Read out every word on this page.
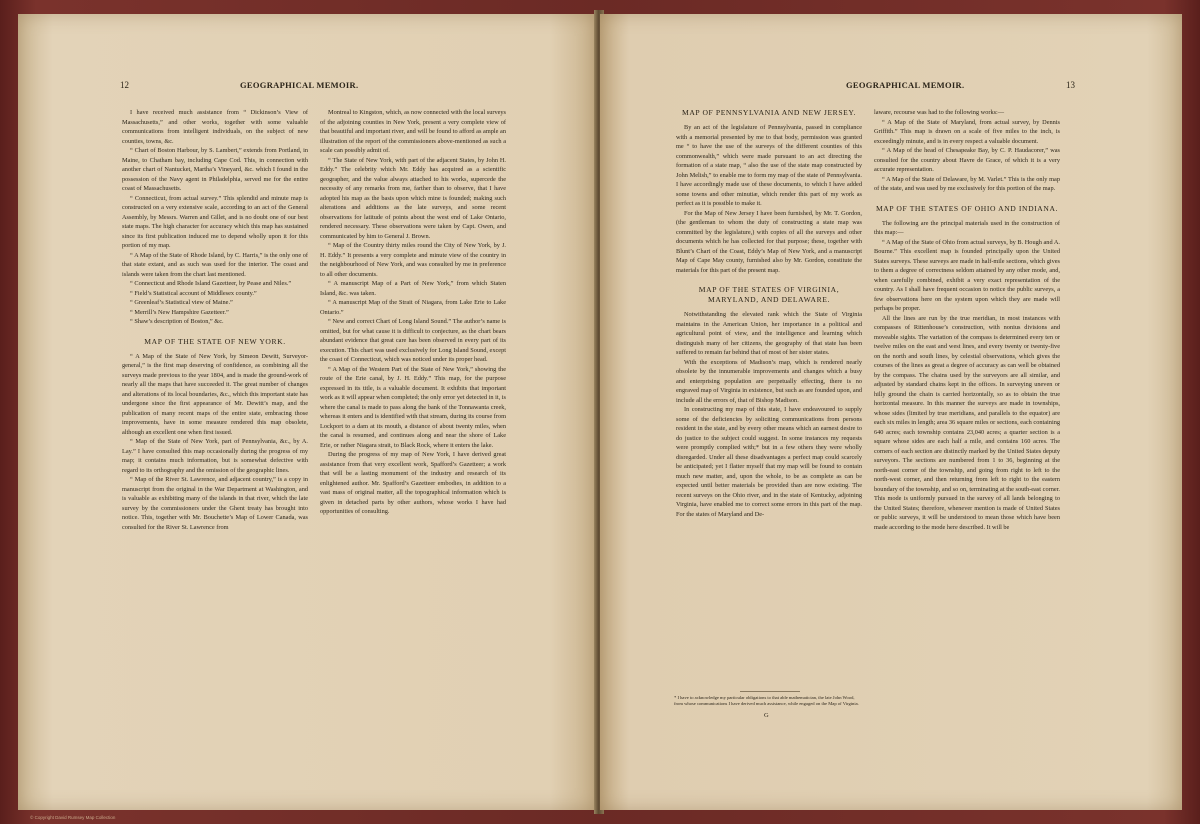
12	GEOGRAPHICAL MEMOIR.

I have received much assistance from “ Dickinson’s View of Massachusetts,” and other works, together with some valuable communications from intelligent individuals, on the subject of new counties, towns, &c.

“ Chart of Boston Harbour, by S. Lambert,” extends from Portland, in Maine, to Chatham bay, including Cape Cod. This, in connection with another chart of Nantucket, Martha’s Vineyard, &c. which I found in the possession of the Navy agent in Philadelphia, served me for the entire coast of Massachusetts.

“ Connecticut, from actual survey.” This splendid and minute map is constructed on a very extensive scale, according to an act of the General Assembly, by Messrs. Warren and Gillet, and is no doubt one of our best state maps. The high character for accuracy which this map has sustained since its first publication induced me to depend wholly upon it for this portion of my map.

“ A Map of the State of Rhode Island, by C. Harris,” is the only one of that state extant, and as such was used for the interior. The coast and islands were taken from the chart last mentioned.

“ Connecticut and Rhode Island Gazetteer, by Pease and Niles.”

“ Field’s Statistical account of Middlesex county.”

“ Greenleaf’s Statistical view of Maine.”

“ Merrill’s New Hampshire Gazetteer.”

“ Shaw’s description of Boston,” &c.

MAP OF THE STATE OF NEW YORK.

“ A Map of the State of New York, by Simeon Dewitt, Surveyor-general,” is the first map deserving of confidence, as combining all the surveys made previous to the year 1804, and is made the ground-work of nearly all the maps that have succeeded it. The great number of changes and alterations of its local boundaries, &c., which this important state has undergone since the first appearance of Mr. Dewitt’s map, and the publication of many recent maps of the entire state, embracing those improvements, have in some measure rendered this map obsolete, although an excellent one when first issued.

“ Map of the State of New York, part of Pennsylvania, &c., by A. Lay.” I have consulted this map occasionally during the progress of my map; it contains much information, but is somewhat defective with regard to its orthography and the omission of the geographic lines.

“ Map of the River St. Lawrence, and adjacent country,” is a copy in manuscript from the original in the War Department at Washington, and is valuable as exhibiting many of the islands in that river, which the late survey by the commissioners under the Ghent treaty has brought into notice. This, together with Mr. Bouchette’s Map of Lower Canada, was consulted for the River St. Lawrence from

Montreal to Kingston, which, as now connected with the local surveys of the adjoining counties in New York, present a very complete view of that beautiful and important river, and will be found to afford as ample an illustration of the report of the commissioners above-mentioned as such a scale can possibly admit of.

“ The State of New York, with part of the adjacent States, by John H. Eddy.” The celebrity which Mr. Eddy has acquired as a scientific geographer, and the value always attached to his works, supercede the necessity of any remarks from me, farther than to observe, that I have adopted his map as the basis upon which mine is founded; making such alterations and additions as the late surveys, and some recent observations for latitude of points about the west end of Lake Ontario, rendered necessary. These observations were taken by Capt. Owen, and communicated by him to General J. Brown.

“ Map of the Country thirty miles round the City of New York, by J. H. Eddy.” It presents a very complete and minute view of the country in the neighbourhood of New York, and was consulted by me in preference to all other documents.

“ A manuscript Map of a Part of New York,” from which Staten Island, &c. was taken.

“ A manuscript Map of the Strait of Niagara, from Lake Erie to Lake Ontario.”

“ New and correct Chart of Long Island Sound.” The author’s name is omitted, but for what cause it is difficult to conjecture, as the chart bears abundant evidence that great care has been observed in every part of its execution. This chart was used exclusively for Long Island Sound, except the coast of Connecticut, which was noticed under its proper head.

“ A Map of the Western Part of the State of New York,” showing the route of the Erie canal, by J. H. Eddy.” This map, for the purpose expressed in its title, is a valuable document. It exhibits that important work as it will appear when completed; the only error yet detected in it, is where the canal is made to pass along the bank of the Tonnawanta creek, whereas it enters and is identified with that stream, during its course from Lockport to a dam at its mouth, a distance of about twenty miles, when the canal is resumed, and continues along and near the shore of Lake Erie, or rather Niagara strait, to Black Rock, where it enters the lake.

During the progress of my map of New York, I have derived great assistance from that very excellent work, Spafford’s Gazetteer; a work that will be a lasting monument of the industry and research of its enlightened author. Mr. Spafford’s Gazetteer embodies, in addition to a vast mass of original matter, all the topographical information which is given in detached parts by other authors, whose works I have had opportunities of consulting.

GEOGRAPHICAL MEMOIR.	13
MAP OF PENNSYLVANIA AND NEW JERSEY.

By an act of the legislature of Pennsylvania, passed in compliance with a memorial presented by me to that body, permission was granted me “ to have the use of the surveys of the different counties of this commonwealth,” which were made pursuant to an act directing the formation of a state map, “ also the use of the state map constructed by John Melish,” to enable me to form my map of the state of Pennsylvania. I have accordingly made use of these documents, to which I have added some towns and other minutiæ, which render this part of my work as perfect as it is possible to make it.

For the Map of New Jersey I have been furnished, by Mr. T. Gordon, (the gentleman to whom the duty of constructing a state map was committed by the legislature,) with copies of all the surveys and other documents which he has collected for that purpose; these, together with Blunt’s Chart of the Coast, Eddy’s Map of New York, and a manuscript Map of Cape May county, furnished also by Mr. Gordon, constitute the materials for this part of the present map.

MAP OF THE STATES OF VIRGINIA, MARYLAND, AND DELAWARE.

Notwithstanding the elevated rank which the State of Virginia maintains in the American Union, her importance in a political and agricultural point of view, and the intelligence and learning which distinguish many of her citizens, the geography of that state has been suffered to remain far behind that of most of her sister states.

With the exceptions of Madison’s map, which is rendered nearly obsolete by the innumerable improvements and changes which a busy and enterprising population are perpetually effecting, there is no engraved map of Virginia in existence, but such as are founded upon, and include all the errors of, that of Bishop Madison.

In constructing my map of this state, I have endeavoured to supply some of the deficiencies by soliciting communications from persons resident in the state, and by every other means which an earnest desire to do justice to the subject could suggest. In some instances my requests were promptly complied with;* but in a few others they were wholly disregarded. Under all these disadvantages a perfect map could scarcely be anticipated; yet I flatter myself that my map will be found to contain much new matter, and, upon the whole, to be as complete as can be expected until better materials be provided than are now existing. The recent surveys on the Ohio river, and in the state of Kentucky, adjoining Virginia, have enabled me to correct some errors in this part of the map. For the states of Maryland and De-

* I have to acknowledge my particular obligations to that able mathematician, the late John Wood, from whose communications I have derived much assistance, while engaged on the Map of Virginia.
G

laware, recourse was had to the following works:—

“ A Map of the State of Maryland, from actual survey, by Dennis Griffith.” This map is drawn on a scale of five miles to the inch, is exceedingly minute, and is in every respect a valuable document.

“ A Map of the head of Chesapeake Bay, by C. P. Haudacorer,” was consulted for the country about Havre de Grace, of which it is a very accurate representation.

“ A Map of the State of Delaware, by M. Varlet.” This is the only map of the state, and was used by me exclusively for this portion of the map.

MAP OF THE STATES OF OHIO AND INDIANA.

The following are the principal materials used in the construction of this map:—

“ A Map of the State of Ohio from actual surveys, by B. Hough and A. Bourne.” This excellent map is founded principally upon the United States surveys. These surveys are made in half-mile sections, which gives to them a degree of correctness seldom attained by any other mode, and, when carefully combined, exhibit a very exact representation of the country. As I shall have frequent occasion to notice the public surveys, a few observations here on the system upon which they are made will perhaps be proper.

All the lines are run by the true meridian, in most instances with compasses of Rittenhouse’s construction, with nonius divisions and moveable sights. The variation of the compass is determined every ten or twelve miles on the east and west lines, and every twenty or twenty-five on the north and south lines, by celestial observations, which gives the courses of the lines as great a degree of accuracy as can well be obtained by the compass. The chains used by the surveyors are all similar, and adjusted by standard chains kept in the offices. In surveying uneven or hilly ground the chain is carried horizontally, so as to obtain the true horizontal measure. In this manner the surveys are made in townships, whose sides (limited by true meridians, and parallels to the equator) are each six miles in length; area 36 square miles or sections, each containing 640 acres; each township contains 23,040 acres; a quarter section is a square whose sides are each half a mile, and contains 160 acres. The corners of each section are distinctly marked by the United States deputy surveyors. The sections are numbered from 1 to 36, beginning at the north-east corner of the township, and going from right to left to the north-west corner, and then returning from left to right to the eastern boundary of the township, and so on, terminating at the south-east corner. This mode is uniformly pursued in the survey of all lands belonging to the United States; therefore, whenever mention is made of United States or public surveys, it will be understood to mean those which have been made according to the mode here described. It will be

© Copyright David Rumsey Map Collection
